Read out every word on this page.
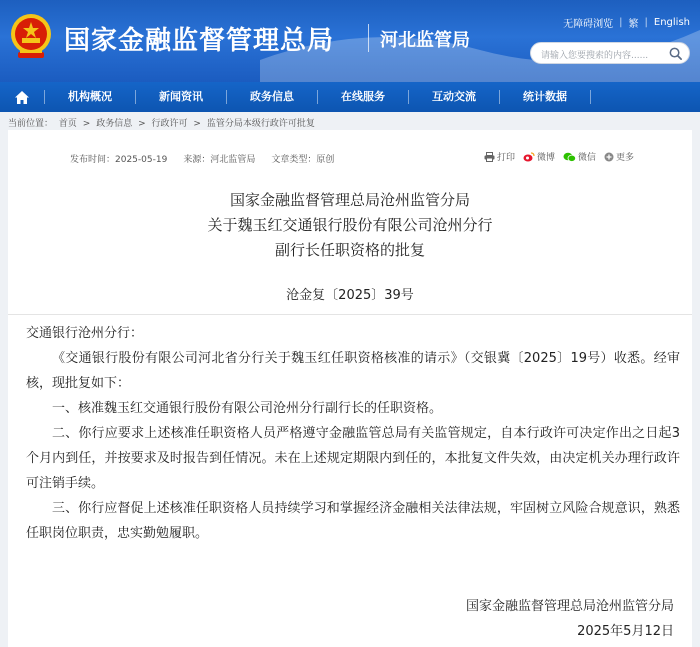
国家金融监督管理总局	河北监管局
无障碍浏览 | 繁 | English
请输入您要搜索的内容......
机构概况	新闻资讯	政务信息	在线服务	互动交流	统计数据
当前位置： 首页 > 政务信息 > 行政许可 > 监管分局本级行政许可批复
发布时间：2025-05-19 来源：河北监管局 文章类型：原创	打印 微博	微信 更多
国家金融监督管理总局沧州监管分局
关于魏玉红交通银行股份有限公司沧州分行
副行长任职资格的批复
沧金复〔2025〕39号

交通银行沧州分行：

《交通银行股份有限公司河北省分行关于魏玉红任职资格核准的请示》（交银冀〔2025〕19号）收悉。经审核，现批复如下：

一、核准魏玉红交通银行股份有限公司沧州分行副行长的任职资格。

二、你行应要求上述核准任职资格人员严格遵守金融监管总局有关监管规定，自本行政许可决定作出之日起3个月内到任，并按要求及时报告到任情况。未在上述规定期限内到任的，本批复文件失效，由决定机关办理行政许可注销手续。

三、你行应督促上述核准任职资格人员持续学习和掌握经济金融相关法律法规，牢固树立风险合规意识，熟悉任职岗位职责，忠实勤勉履职。

国家金融监督管理总局沧州监管分局
2025年5月12日
